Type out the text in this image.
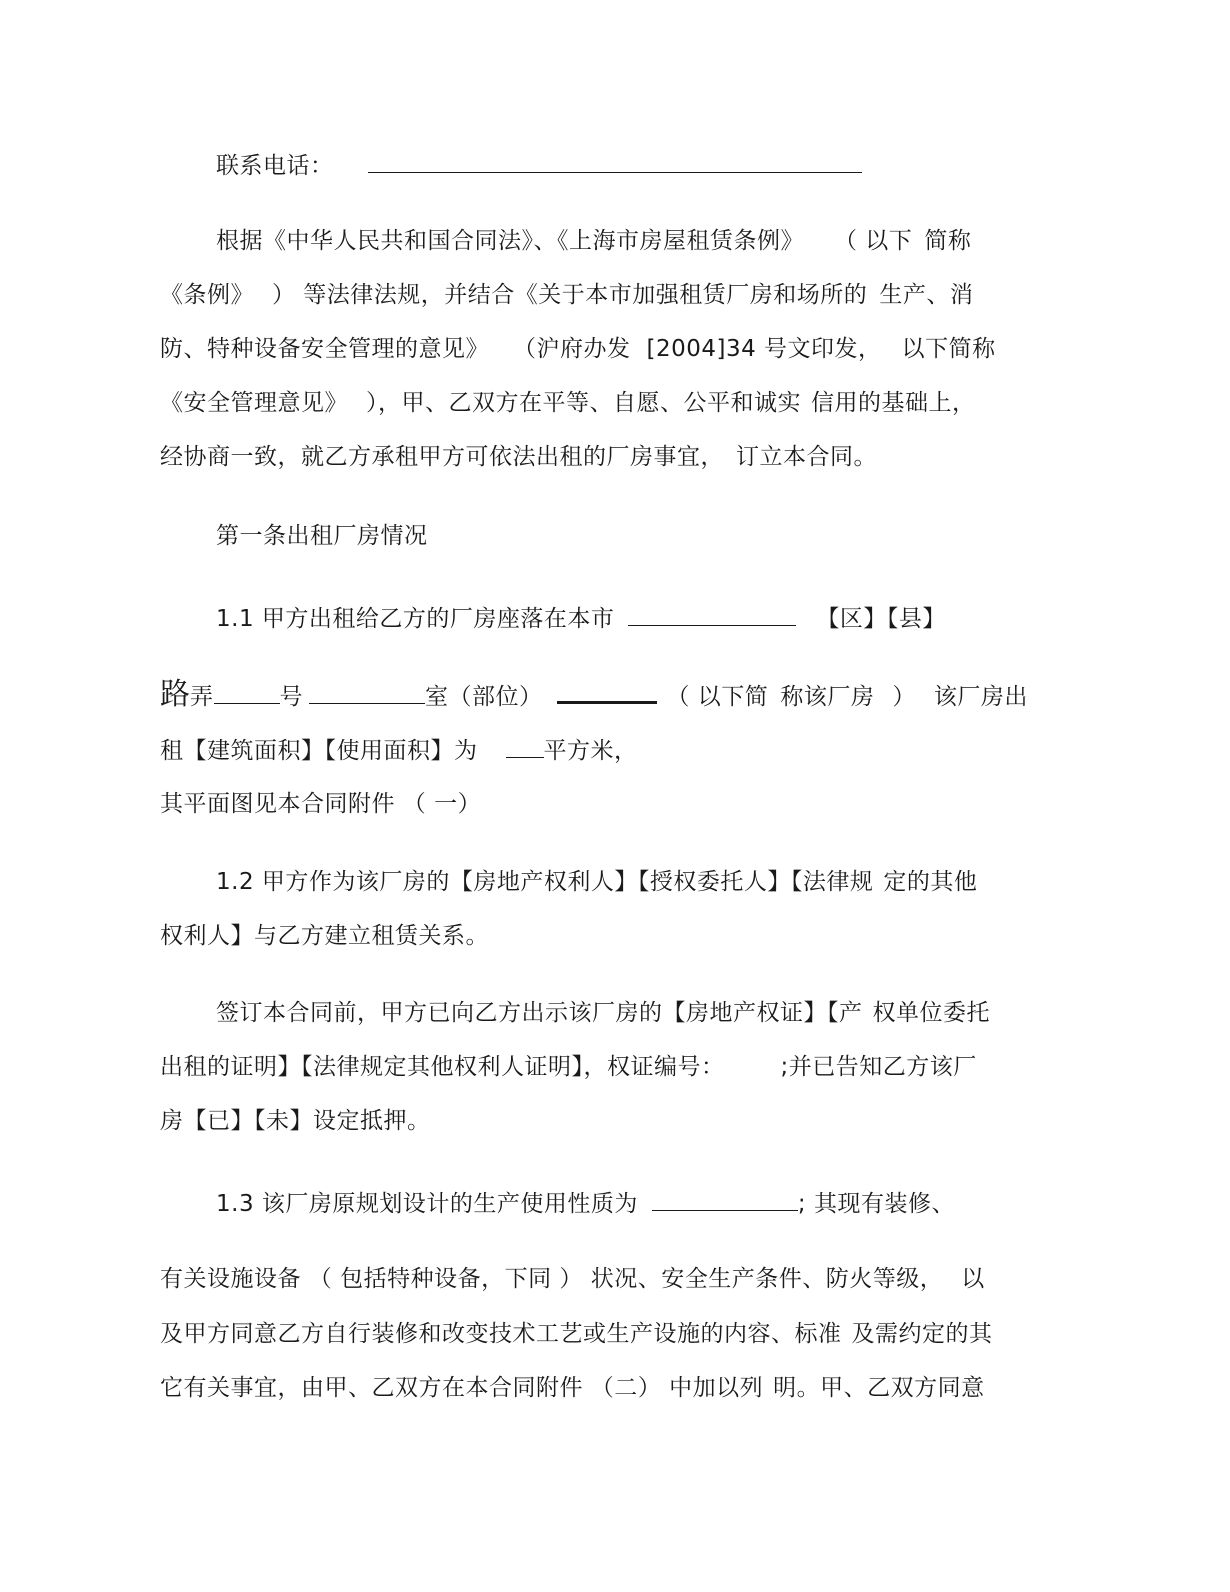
联系电话：
根据《中华人民共和国合同法》、《上海市房屋租赁条例》 （ 以下 简称
《条例》 ） 等法律法规，并结合《关于本市加强租赁厂房和场所的 生产、消
防、特种设备安全管理的意见》 （沪府办发 [2004]34 号文印发， 以下简称
《安全管理意见》 ），甲、乙双方在平等、自愿、公平和诚实 信用的基础上，
经协商一致，就乙方承租甲方可依法出租的厂房事宜， 订立本合同。
第一条出租厂房情况
1.1 甲方出租给乙方的厂房座落在本市	【区】【县】
路弄	号	室（部位）	（ 以下简 称该厂房 ） 该厂房出
租【建筑面积】【使用面积】为	平方米，
其平面图见本合同附件 （ 一）
1.2 甲方作为该厂房的【房地产权利人】【授权委托人】【法律规 定的其他
权利人】与乙方建立租赁关系。
签订本合同前，甲方已向乙方出示该厂房的【房地产权证】【产 权单位委托
出租的证明】【法律规定其他权利人证明】，权证编号： ;并已告知乙方该厂
房【已】【未】设定抵押。
1.3 该厂房原规划设计的生产使用性质为	; 其现有装修、
有关设施设备 （ 包括特种设备，下同 ） 状况、安全生产条件、防火等级， 以
及甲方同意乙方自行装修和改变技术工艺或生产设施的内容、标准 及需约定的其
它有关事宜，由甲、乙双方在本合同附件 （二） 中加以列 明。甲、乙双方同意
